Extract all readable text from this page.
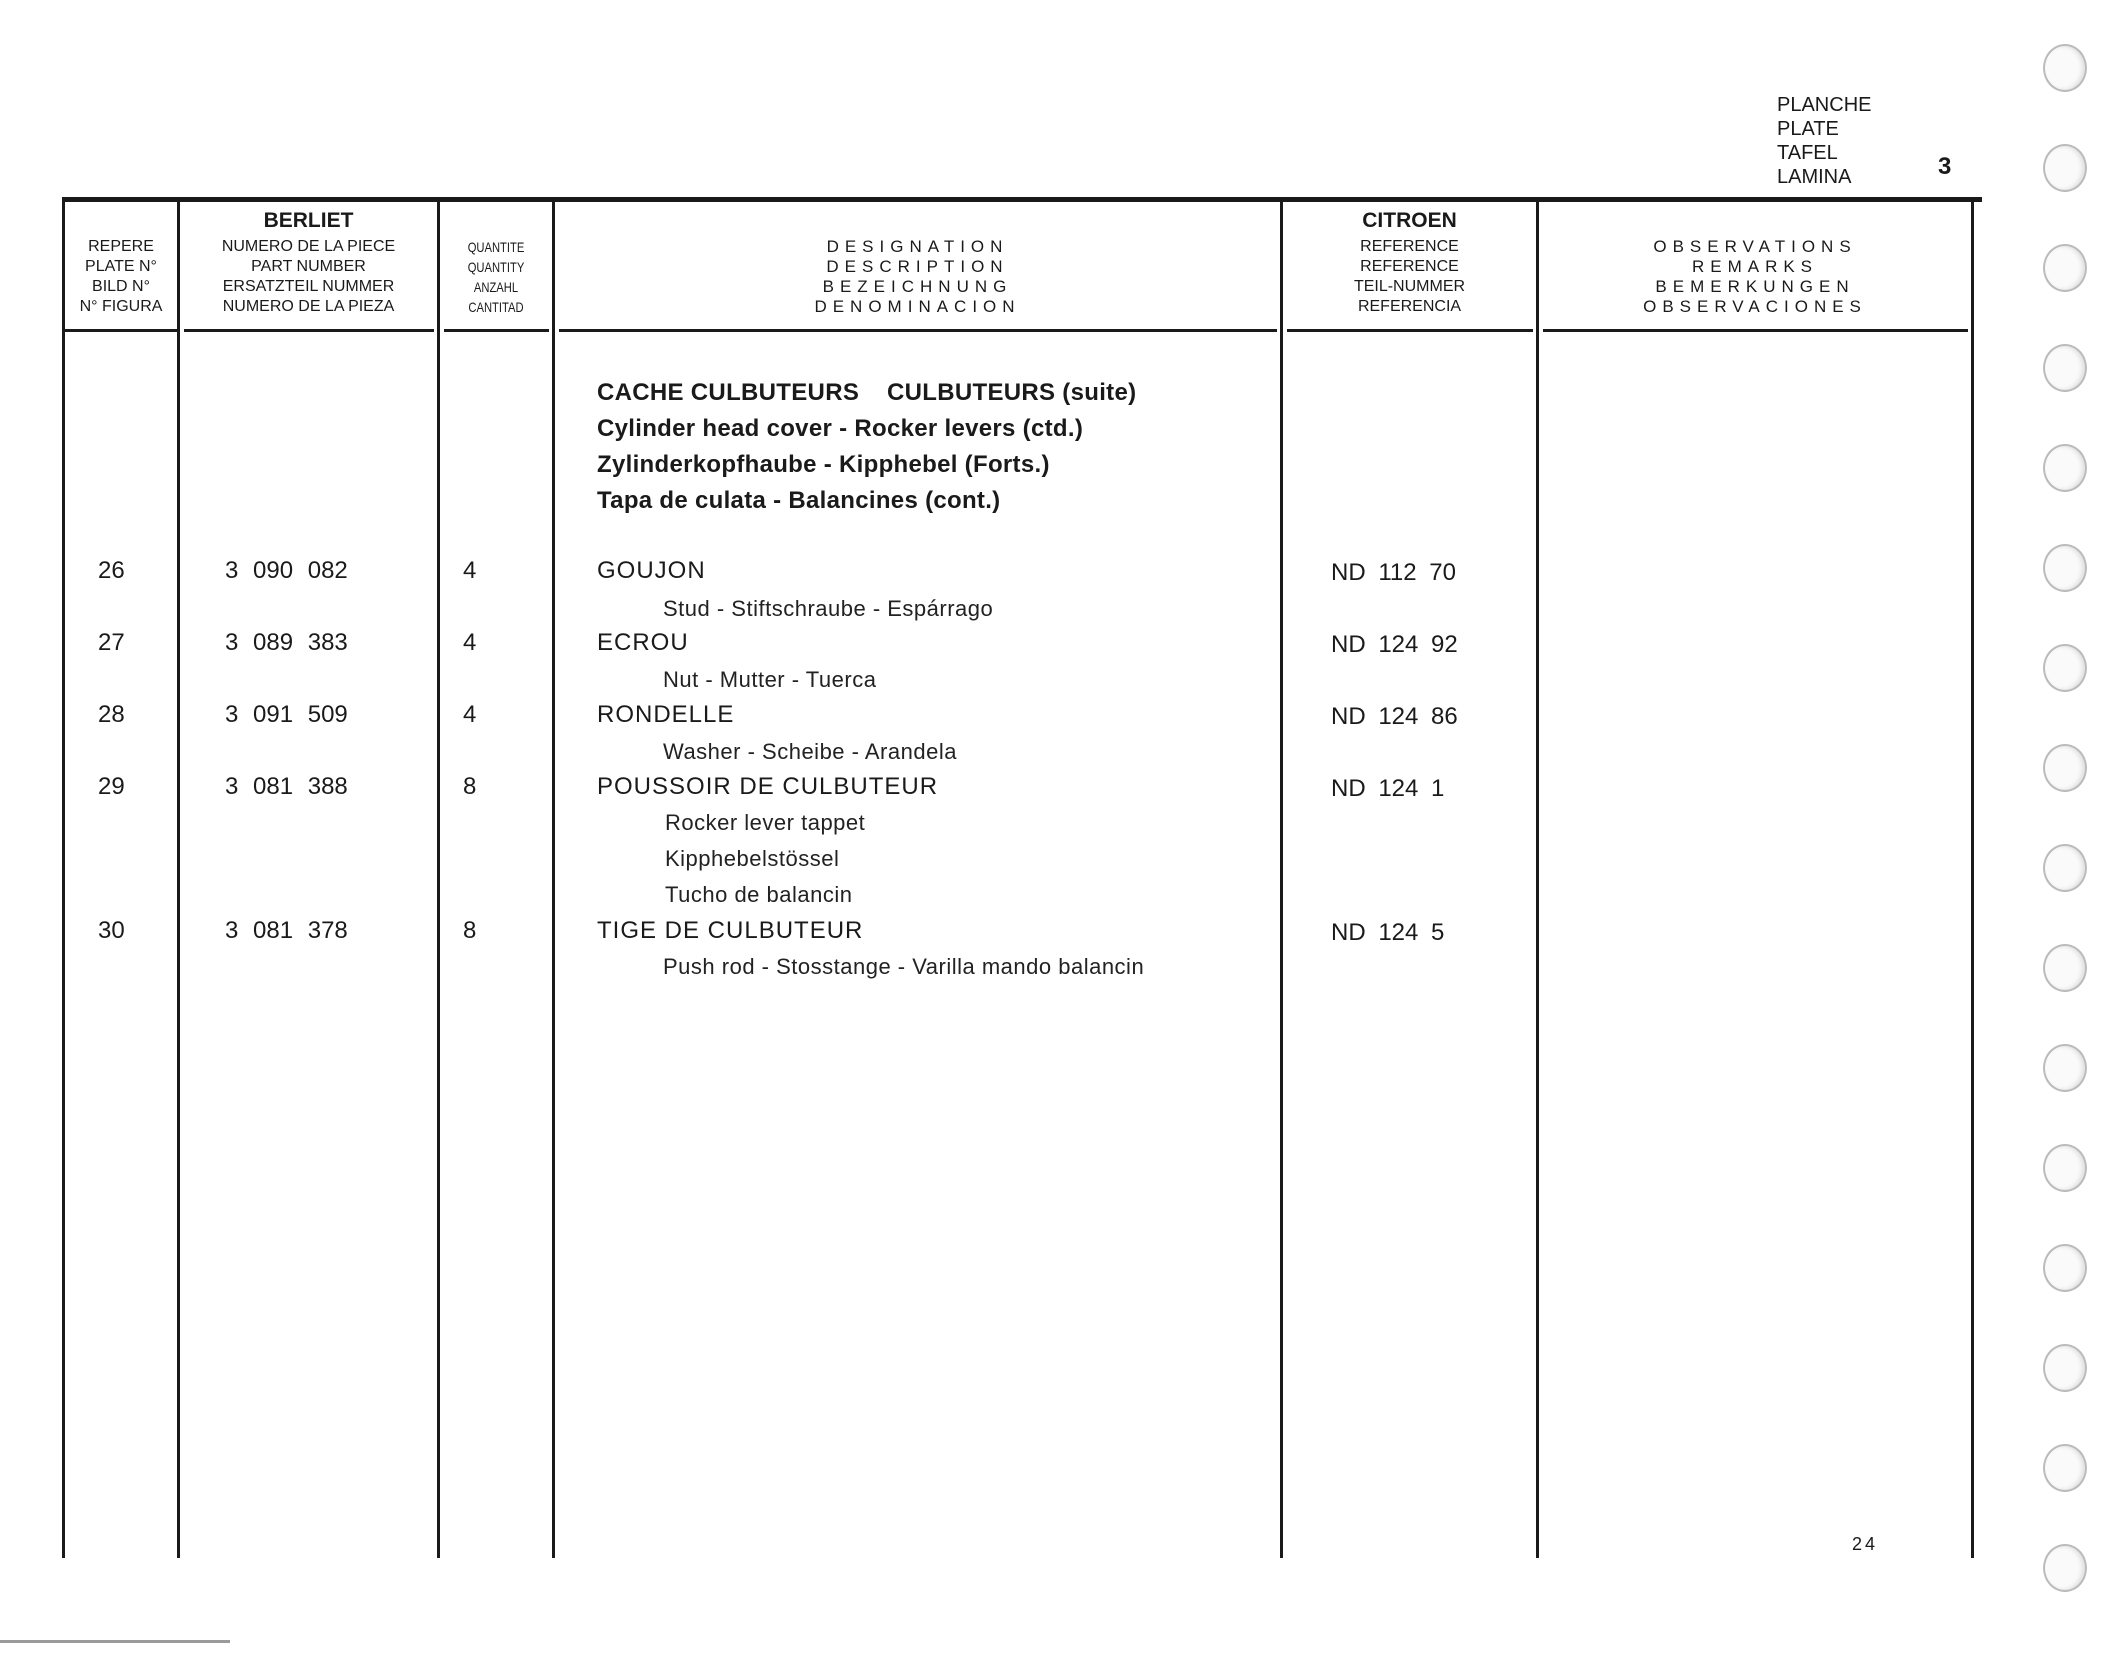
PLANCHE
PLATE
TAFEL
LAMINA	3
REPERE
PLATE N°
BILD N°
N° FIGURA
BERLIET
NUMERO DE LA PIECE
PART NUMBER
ERSATZTEIL NUMMER
NUMERO DE LA PIEZA
QUANTITE
QUANTITY
ANZAHL
CANTITAD
DESIGNATION
DESCRIPTION
BEZEICHNUNG
DENOMINACION
CITROEN
REFERENCE
REFERENCE
TEIL-NUMMER
REFERENCIA
OBSERVATIONS
REMARKS
BEMERKUNGEN
OBSERVACIONES
CACHE CULBUTEURS    CULBUTEURS (suite)
Cylinder head cover - Rocker levers (ctd.)
Zylinderkopfhaube - Kipphebel (Forts.)
Tapa de culata - Balancines (cont.)
26	3 090 082	4	GOUJON	ND 112 70
Stud - Stiftschraube - Espárrago
27	3 089 383	4	ECROU	ND 124 92
Nut - Mutter - Tuerca
28	3 091 509	4	RONDELLE	ND 124 86
Washer - Scheibe - Arandela
29	3 081 388	8	POUSSOIR DE CULBUTEUR	ND 124 1
Rocker lever tappet
Kipphebelstössel
Tucho de balancin
30	3 081 378	8	TIGE DE CULBUTEUR	ND 124 5
Push rod - Stosstange - Varilla mando balancin
24
